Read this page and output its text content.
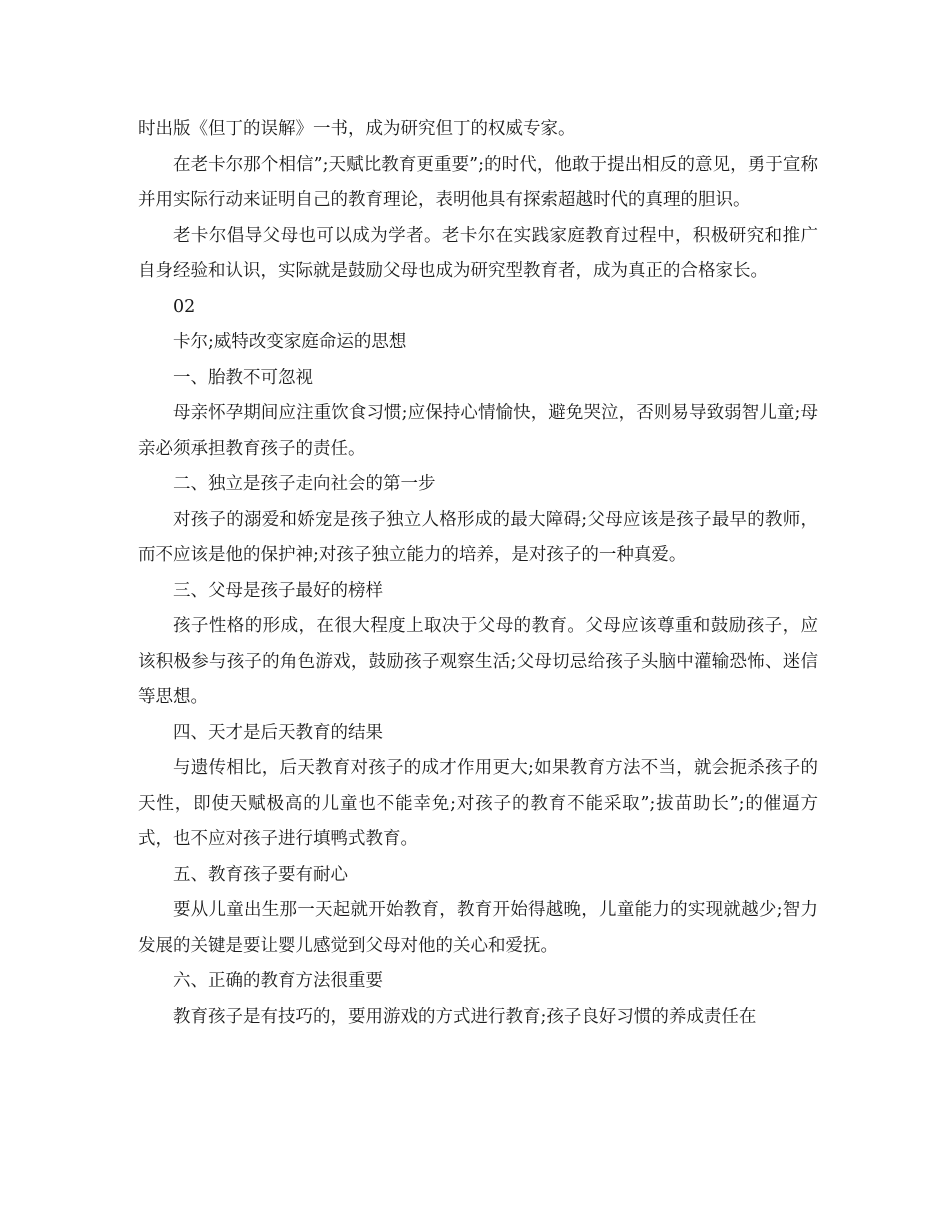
时出版《但丁的误解》一书，成为研究但丁的权威专家。

在老卡尔那个相信”;天赋比教育更重要”;的时代，他敢于提出相反的意见，勇于宣称并用实际行动来证明自己的教育理论，表明他具有探索超越时代的真理的胆识。

老卡尔倡导父母也可以成为学者。老卡尔在实践家庭教育过程中，积极研究和推广自身经验和认识，实际就是鼓励父母也成为研究型教育者，成为真正的合格家长。

02

卡尔;威特改变家庭命运的思想

一、胎教不可忽视

母亲怀孕期间应注重饮食习惯;应保持心情愉快，避免哭泣，否则易导致弱智儿童;母亲必须承担教育孩子的责任。

二、独立是孩子走向社会的第一步

对孩子的溺爱和娇宠是孩子独立人格形成的最大障碍;父母应该是孩子最早的教师，而不应该是他的保护神;对孩子独立能力的培养，是对孩子的一种真爱。

三、父母是孩子最好的榜样

孩子性格的形成，在很大程度上取决于父母的教育。父母应该尊重和鼓励孩子，应该积极参与孩子的角色游戏，鼓励孩子观察生活;父母切忌给孩子头脑中灌输恐怖、迷信等思想。

四、天才是后天教育的结果

与遗传相比，后天教育对孩子的成才作用更大;如果教育方法不当，就会扼杀孩子的天性，即使天赋极高的儿童也不能幸免;对孩子的教育不能采取”;拔苗助长”;的催逼方式，也不应对孩子进行填鸭式教育。

五、教育孩子要有耐心

要从儿童出生那一天起就开始教育，教育开始得越晚，儿童能力的实现就越少;智力发展的关键是要让婴儿感觉到父母对他的关心和爱抚。

六、正确的教育方法很重要

教育孩子是有技巧的，要用游戏的方式进行教育;孩子良好习惯的养成责任在
